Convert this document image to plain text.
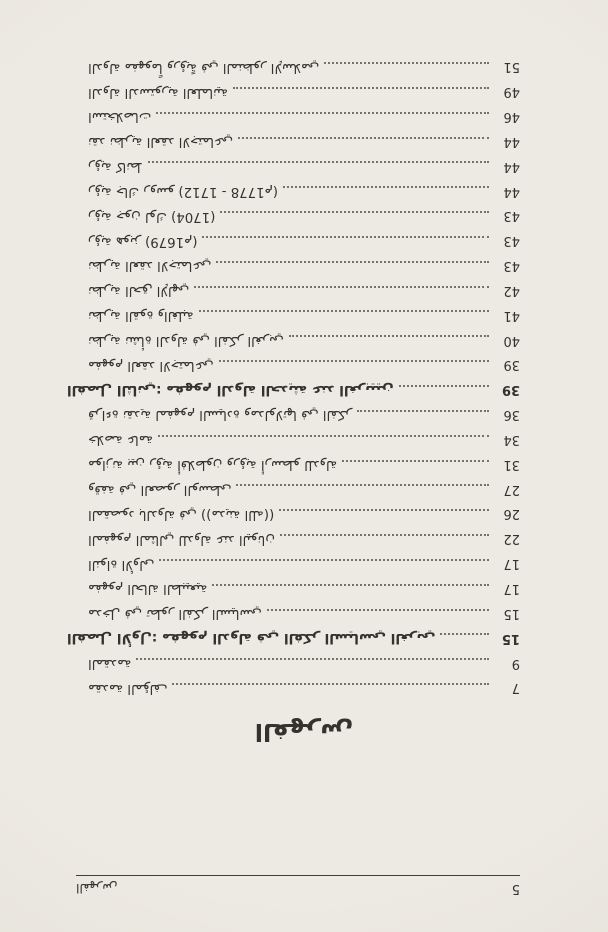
5
الفهرس
الفهرس
مقدمة المؤلف	7
المقدمة	9
الفصل الأول: مفهوم الدولة في الفكر السياسي الغربي	15
مدخل في تطور الفكر السياسي	15
مفهوم الحالة الطبيعية	17
النواة الأولى	17
المفهوم المثالي للدولة عند اليونان	22
المقصود بالدولة في ((مدينة الله))	26
وقفة في العصور الوسطى	27
موازنة بين رؤية أفلاطون ورؤية أرسطو للدولة	31
خلاصة عامة	34
قراءة نقدية لمفهوم السيادة ومدلولاتها في الفكر	36
الفصل الثاني: مفهوم الدولة الحديثة عند الغربيين	39
مفهوم العقد الاجتماعي	39
نظرية نشأة الدولة في الفكر الغربي	40
نظرية القوة والغلبة	41
نظرية الحق الإلهي	42
نظرية العقد الاجتماعي	43
رؤية هوبز (1679م)	43
رؤية جون لوك (1704)	43
رؤية جاك روسو (1712 - 1778م)	44
رؤية كانط	44
نقد نظرية العقد الاجتماعي	44
استخلاصات	46
الدولة الدستورية العلمانية	49
الدولة مفهوماً ورؤيةً في المنظور الإسلامي	51
